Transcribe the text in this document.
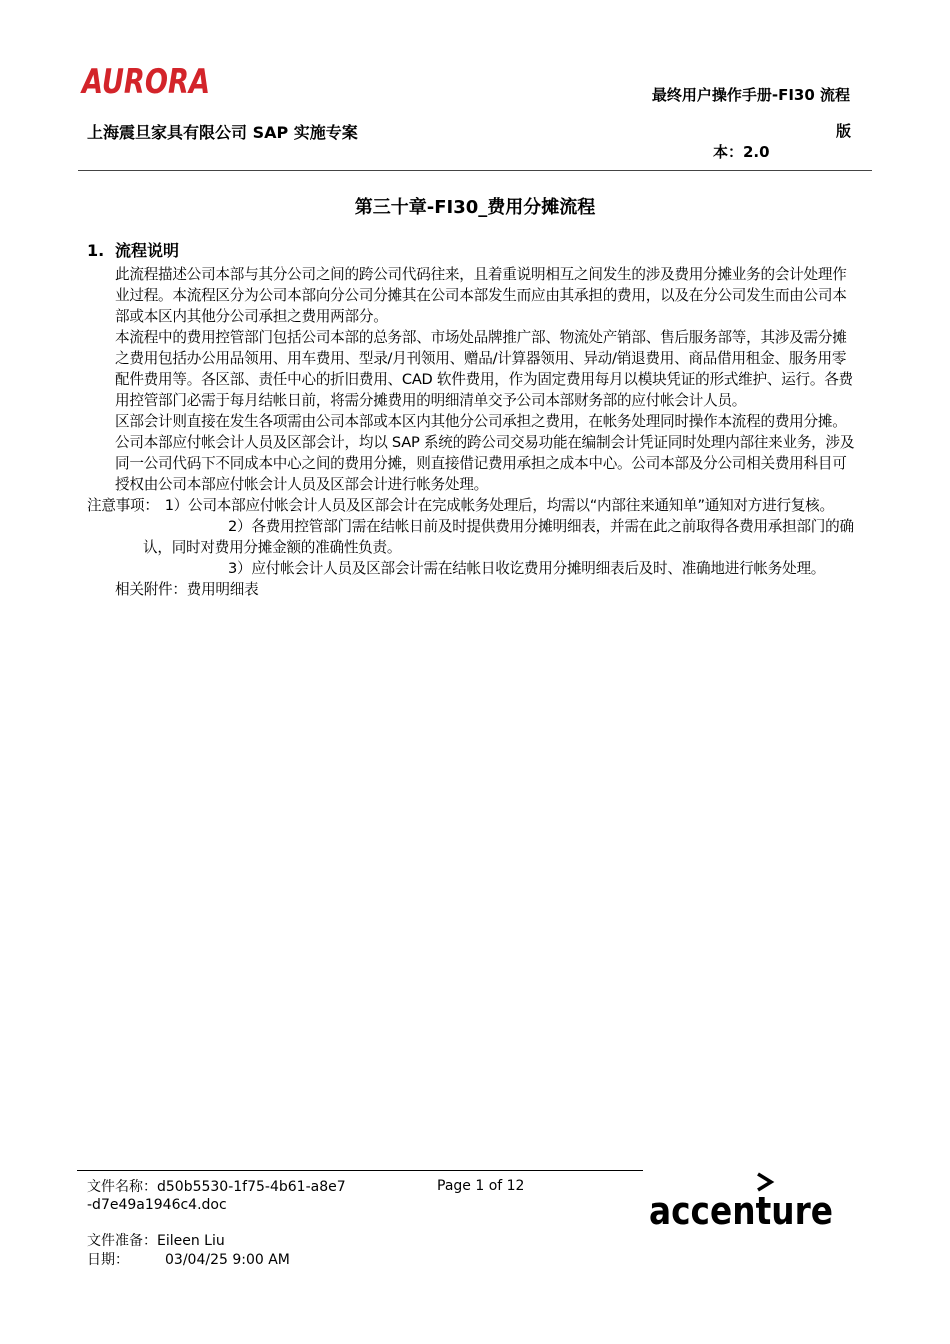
AURORA	最终用户操作手册-FI30 流程
上海震旦家具有限公司 SAP 实施专案	版
本：2.0
第三十章-FI30_费用分摊流程
1. 流程说明

此流程描述公司本部与其分公司之间的跨公司代码往来，且着重说明相互之间发生的涉及费用分摊业务的会计处理作业过程。本流程区分为公司本部向分公司分摊其在公司本部发生而应由其承担的费用，以及在分公司发生而由公司本部或本区内其他分公司承担之费用两部分。

本流程中的费用控管部门包括公司本部的总务部、市场处品牌推广部、物流处产销部、售后服务部等，其涉及需分摊之费用包括办公用品领用、用车费用、型录/月刊领用、赠品/计算器领用、异动/销退费用、商品借用租金、服务用零配件费用等。各区部、责任中心的折旧费用、CAD 软件费用，作为固定费用每月以模块凭证的形式维护、运行。各费用控管部门必需于每月结帐日前，将需分摊费用的明细清单交予公司本部财务部的应付帐会计人员。

区部会计则直接在发生各项需由公司本部或本区内其他分公司承担之费用，在帐务处理同时操作本流程的费用分摊。

公司本部应付帐会计人员及区部会计，均以 SAP 系统的跨公司交易功能在编制会计凭证同时处理内部往来业务，涉及同一公司代码下不同成本中心之间的费用分摊，则直接借记费用承担之成本中心。公司本部及分公司相关费用科目可授权由公司本部应付帐会计人员及区部会计进行帐务处理。

注意事项： 1）公司本部应付帐会计人员及区部会计在完成帐务处理后，均需以“内部往来通知单”通知对方进行复核。

2）各费用控管部门需在结帐日前及时提供费用分摊明细表，并需在此之前取得各费用承担部门的确认，同时对费用分摊金额的准确性负责。

3）应付帐会计人员及区部会计需在结帐日收讫费用分摊明细表后及时、准确地进行帐务处理。

相关附件：费用明细表

文件名称：d50b5530-1f75-4b61-a8e7-d7e49a1946c4.doc
Page 1 of 12
文件准备：Eileen Liu
日期：	03/04/25 9:00 AM
accenture
